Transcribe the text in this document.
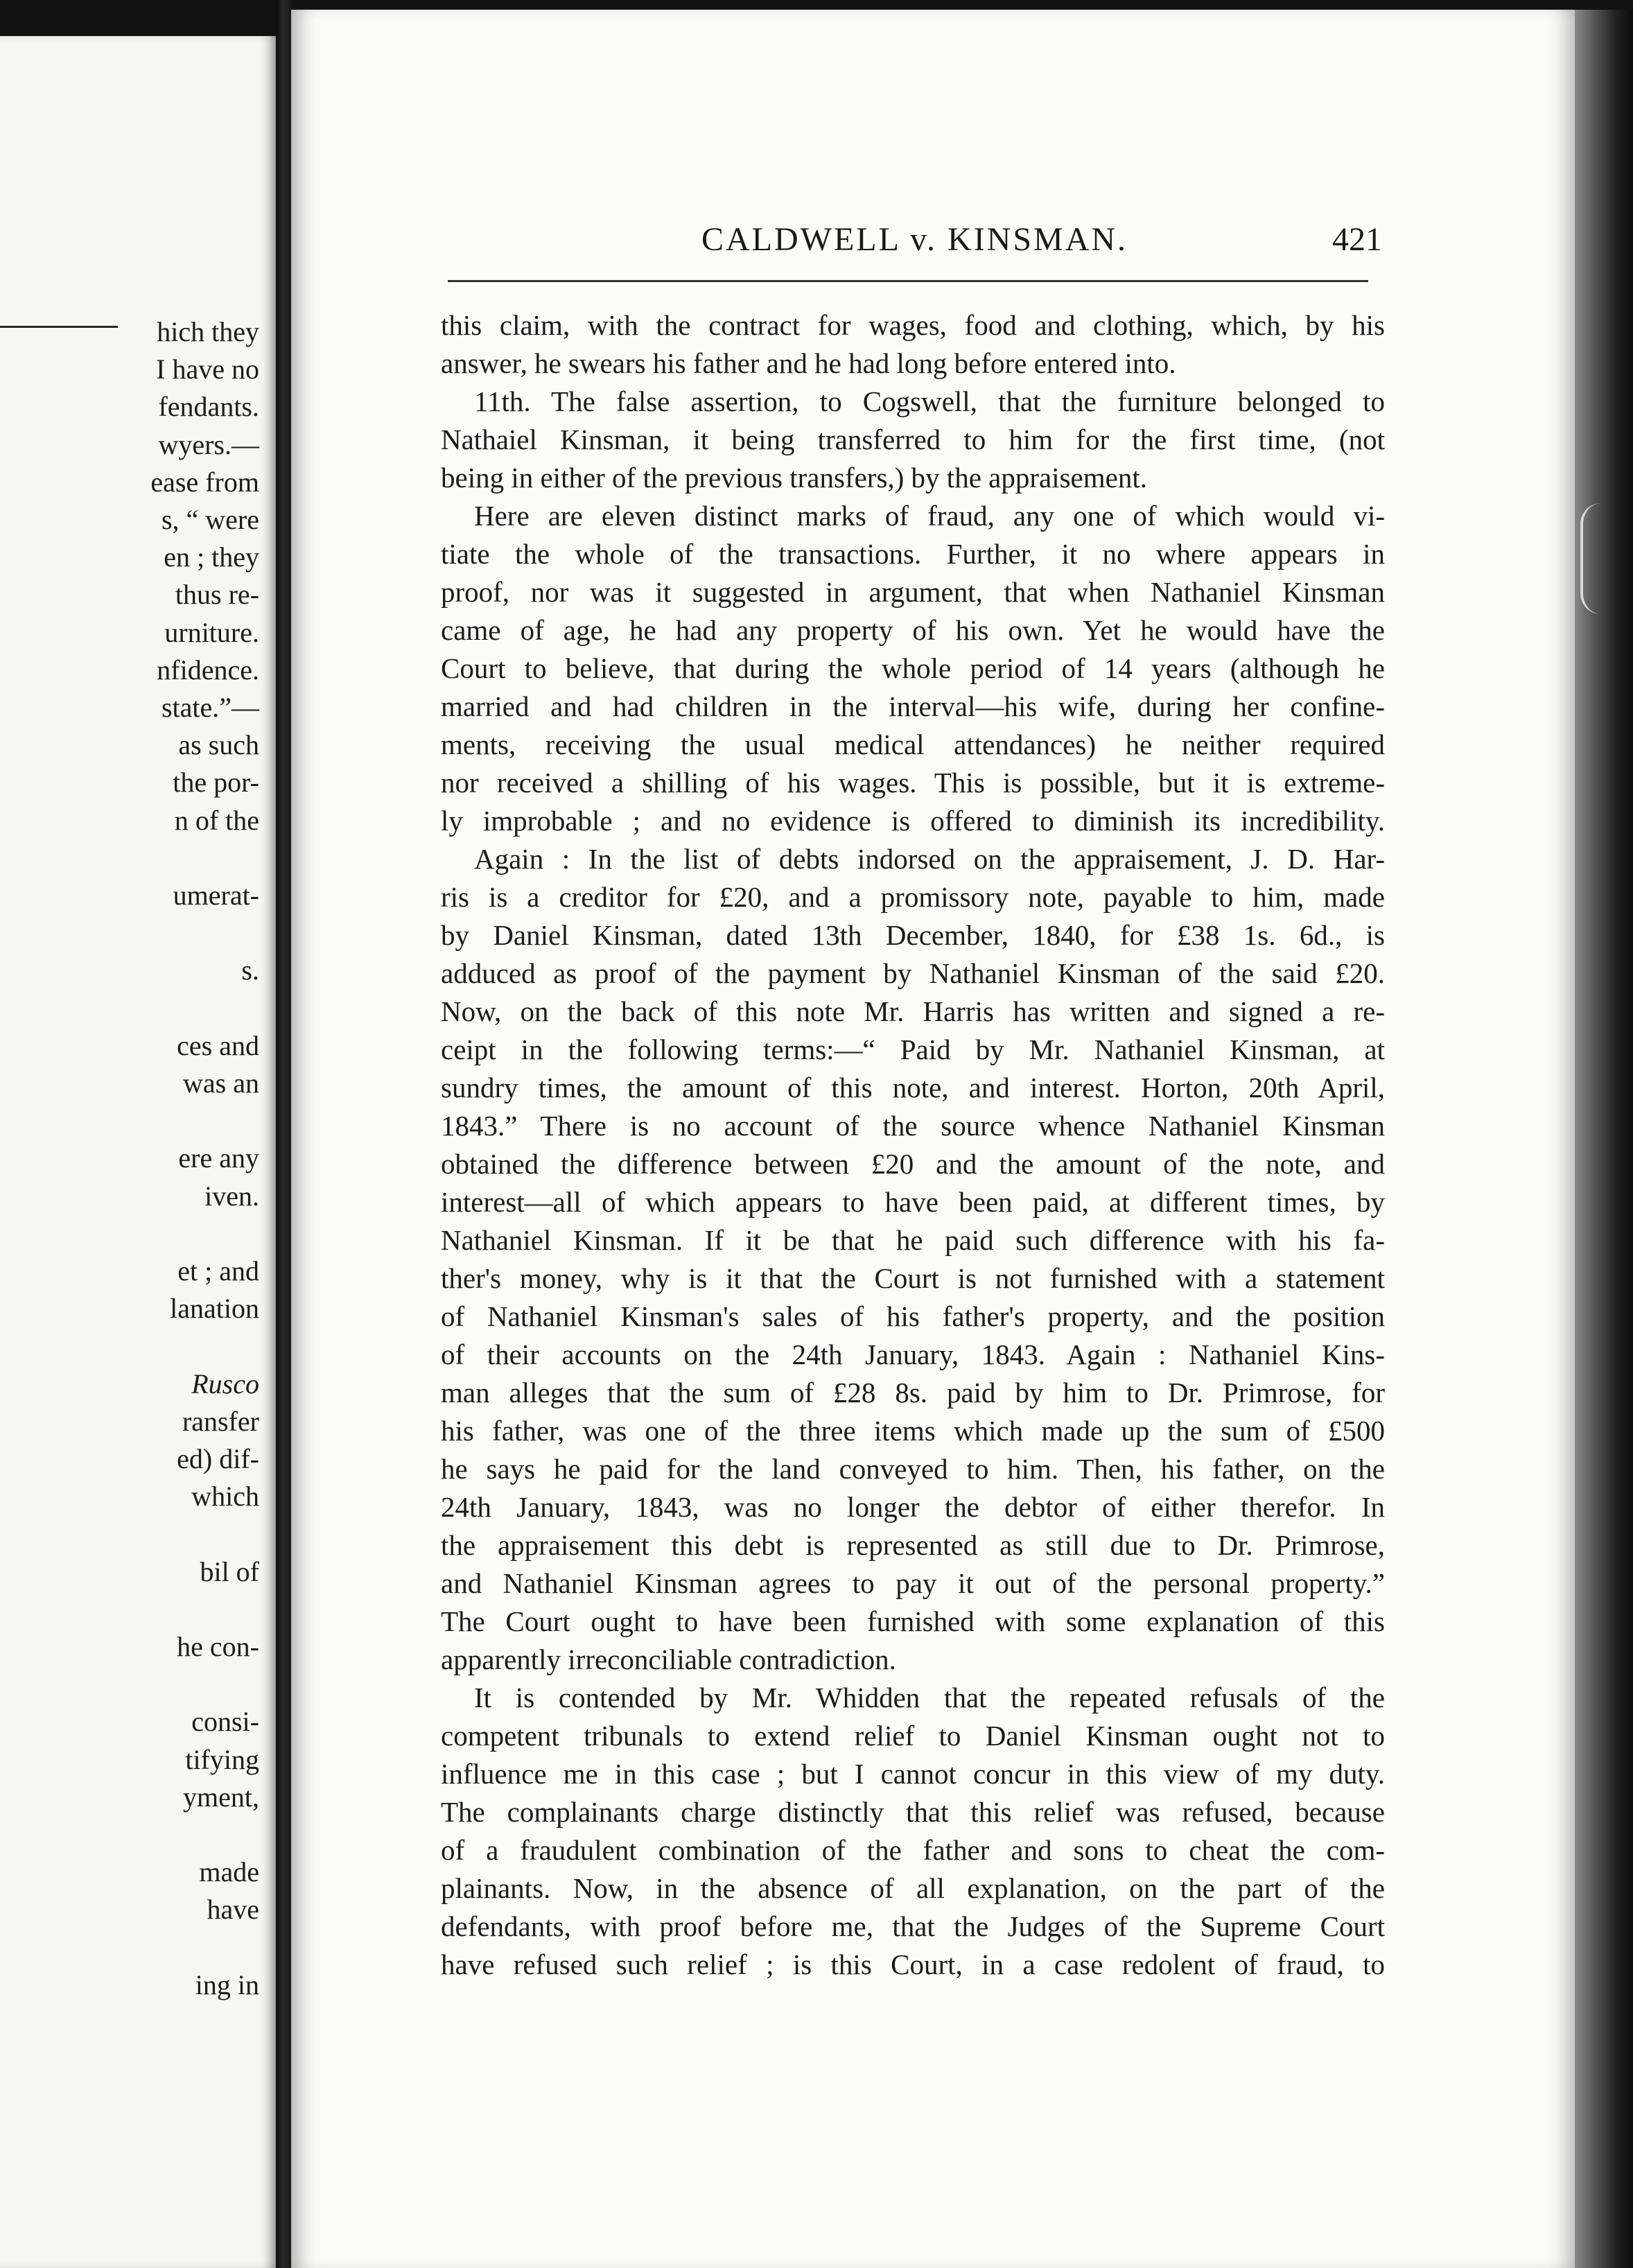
hich they
I have no
fendants.
wyers.—
ease from
s, “ were
en ; they
thus re-
urniture.
nfidence.
state.”—
as such
the por-
n of the
umerat-
s.
ces and
was an
ere any
iven.
et ; and
lanation
Rusco
ransfer
ed) dif-
which
bil of
he con-
consi-
tifying
yment,
made
have
ing in
CALDWELL v. KINSMAN.	421

this claim, with the contract for wages, food and clothing, which, by his

answer, he swears his father and he had long before entered into.

11th. The false assertion, to Cogswell, that the furniture belonged to

Nathaiel Kinsman, it being transferred to him for the first time, (not

being in either of the previous transfers,) by the appraisement.

Here are eleven distinct marks of fraud, any one of which would vi-

tiate the whole of the transactions. Further, it no where appears in

proof, nor was it suggested in argument, that when Nathaniel Kinsman

came of age, he had any property of his own. Yet he would have the

Court to believe, that during the whole period of 14 years (although he

married and had children in the interval—his wife, during her confine-

ments, receiving the usual medical attendances) he neither required

nor received a shilling of his wages. This is possible, but it is extreme-

ly improbable ; and no evidence is offered to diminish its incredibility.

Again : In the list of debts indorsed on the appraisement, J. D. Har-

ris is a creditor for £20, and a promissory note, payable to him, made

by Daniel Kinsman, dated 13th December, 1840, for £38 1s. 6d., is

adduced as proof of the payment by Nathaniel Kinsman of the said £20.

Now, on the back of this note Mr. Harris has written and signed a re-

ceipt in the following terms:—“ Paid by Mr. Nathaniel Kinsman, at

sundry times, the amount of this note, and interest. Horton, 20th April,

1843.” There is no account of the source whence Nathaniel Kinsman

obtained the difference between £20 and the amount of the note, and

interest—all of which appears to have been paid, at different times, by

Nathaniel Kinsman. If it be that he paid such difference with his fa-

ther's money, why is it that the Court is not furnished with a statement

of Nathaniel Kinsman's sales of his father's property, and the position

of their accounts on the 24th January, 1843. Again : Nathaniel Kins-

man alleges that the sum of £28 8s. paid by him to Dr. Primrose, for

his father, was one of the three items which made up the sum of £500

he says he paid for the land conveyed to him. Then, his father, on the

24th January, 1843, was no longer the debtor of either therefor. In

the appraisement this debt is represented as still due to Dr. Primrose,

and Nathaniel Kinsman agrees to pay it out of the personal property.”

The Court ought to have been furnished with some explanation of this

apparently irreconciliable contradiction.

It is contended by Mr. Whidden that the repeated refusals of the

competent tribunals to extend relief to Daniel Kinsman ought not to

influence me in this case ; but I cannot concur in this view of my duty.

The complainants charge distinctly that this relief was refused, because

of a fraudulent combination of the father and sons to cheat the com-

plainants. Now, in the absence of all explanation, on the part of the

defendants, with proof before me, that the Judges of the Supreme Court

have refused such relief ; is this Court, in a case redolent of fraud, to
